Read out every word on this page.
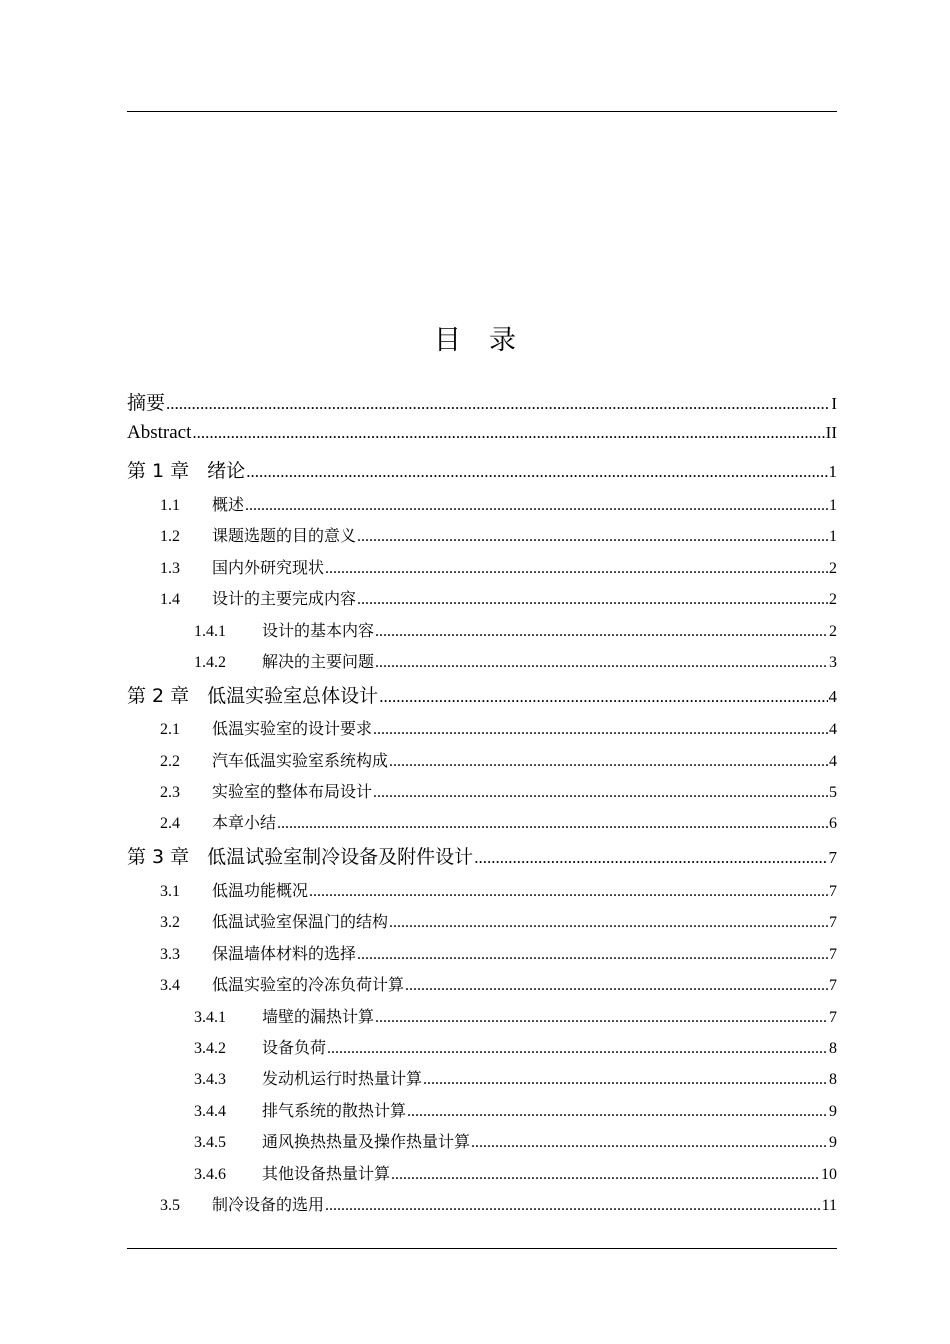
目 录
摘要 .....	I
Abstract .....	II
第 1 章 绪论 .....	1
1.1	概述 .....	1
1.2	课题选题的目的意义 .....	1
1.3	国内外研究现状 .....	2
1.4	设计的主要完成内容 .....	2
1.4.1	设计的基本内容 .....	2
1.4.2	解决的主要问题 .....	3
第 2 章 低温实验室总体设计 .....	4
2.1	低温实验室的设计要求 .....	4
2.2	汽车低温实验室系统构成 .....	4
2.3	实验室的整体布局设计 .....	5
2.4	本章小结 .....	6
第 3 章 低温试验室制冷设备及附件设计 .....	7
3.1	低温功能概况 .....	7
3.2	低温试验室保温门的结构 .....	7
3.3	保温墙体材料的选择 .....	7
3.4	低温实验室的冷冻负荷计算 .....	7
3.4.1	墙壁的漏热计算 .....	7
3.4.2	设备负荷 .....	8
3.4.3	发动机运行时热量计算 .....	8
3.4.4	排气系统的散热计算 .....	9
3.4.5	通风换热热量及操作热量计算 .....	9
3.4.6	其他设备热量计算 .....	10
3.5	制冷设备的选用 .....	11
